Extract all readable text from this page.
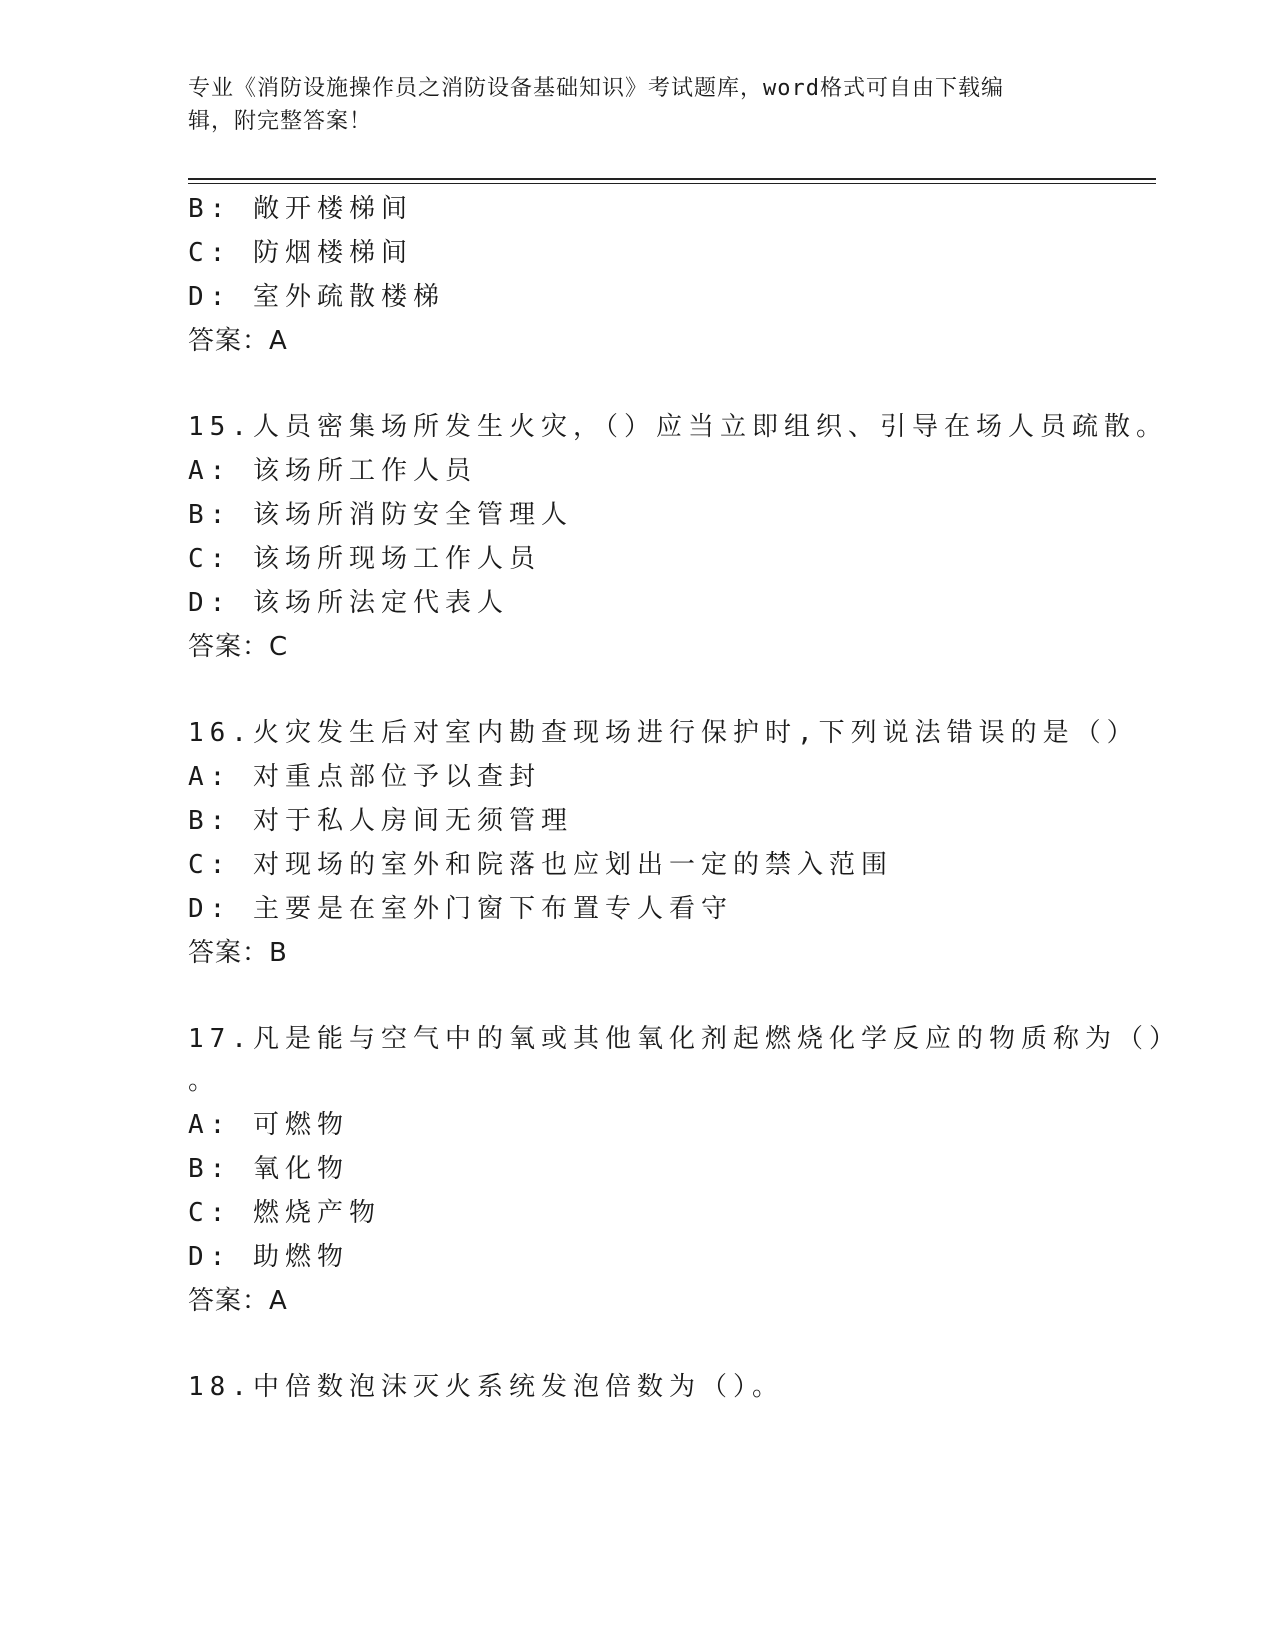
专业《消防设施操作员之消防设备基础知识》考试题库，word格式可自由下载编
辑，附完整答案！
B: 敞开楼梯间
C: 防烟楼梯间
D: 室外疏散楼梯
答案：A
15.人员密集场所发生火灾，（）应当立即组织、引导在场人员疏散。
A: 该场所工作人员
B: 该场所消防安全管理人
C: 该场所现场工作人员
D: 该场所法定代表人
答案：C
16.火灾发生后对室内勘查现场进行保护时,下列说法错误的是（）
A: 对重点部位予以查封
B: 对于私人房间无须管理
C: 对现场的室外和院落也应划出一定的禁入范围
D: 主要是在室外门窗下布置专人看守
答案：B
17.凡是能与空气中的氧或其他氧化剂起燃烧化学反应的物质称为（）
。
A: 可燃物
B: 氧化物
C: 燃烧产物
D: 助燃物
答案：A
18.中倍数泡沫灭火系统发泡倍数为（）。
